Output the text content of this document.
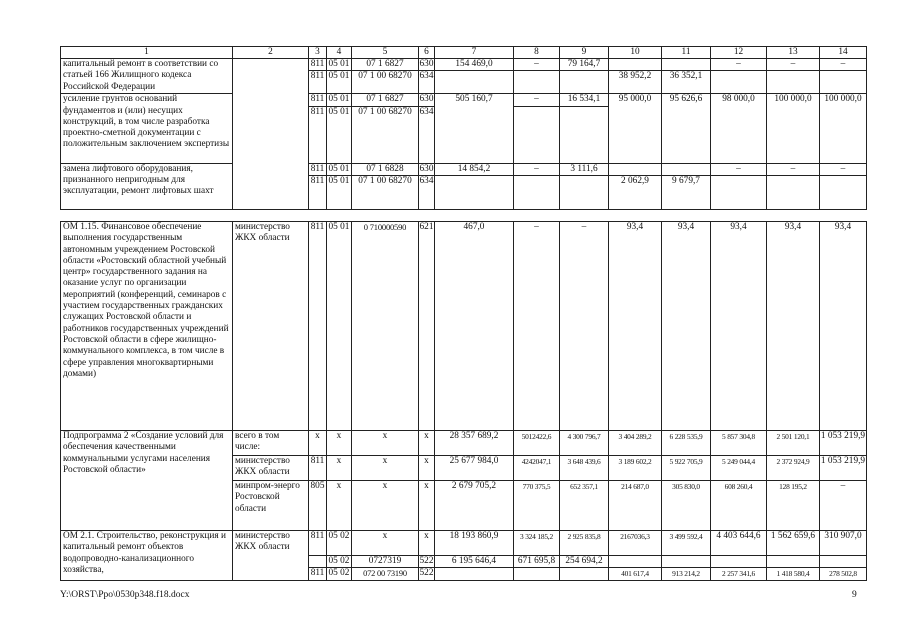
1	2	3	4	5	6	7	8	9	10	11	12	13	14
капитальный ремонт в соответствии со статьей 166 Жилищного кодекса Российской Федерации		811	05 01	07 1 6827	630	154 469,0	–	79 164,7			–	–	–
		811	05 01	07 1 00 68270	634				38 952,2	36 352,1			
усиление грунтов оснований фундаментов и (или) несущих конструкций, в том числе разработка проектно-сметной документации с положительным заключением экспертизы		811	05 01	07 1 6827	630	505 160,7	–	16 534,1	95 000,0	95 626,6	98 000,0	100 000,0	100 000,0
		811	05 01	07 1 00 68270	634								
замена лифтового оборудования, признанного непригодным для эксплуатации, ремонт лифтовых шахт		811	05 01	07 1 6828	630	14 854,2	–	3 111,6			–	–	–
		811	05 01	07 1 00 68270	634				2 062,9	9 679,7			
ОМ 1.15. Финансовое обеспечение выполнения государственным автономным учреждением Ростовской области «Ростовский областной учебный центр» государственного задания на оказание услуг по организации мероприятий (конференций, семинаров с участием государственных гражданских служащих Ростовской области и работников государственных учреждений Ростовской области в сфере жилищно-коммунального комплекса, в том числе в сфере управления многоквартирными домами)	министерство ЖКХ области	811	05 01	0 710000590	621	467,0	–	–	93,4	93,4	93,4	93,4	93,4
Подпрограмма 2 «Создание условий для обеспечения качественными коммунальными услугами населения Ростовской области»	всего в том числе:	х	х	х	х	28 357 689,2	5012422,6	4 300 796,7	3 404 289,2	6 228 535,9	5 857 304,8	2 501 120,1	1 053 219,9
	министерство ЖКХ области	811	х	х	х	25 677 984,0	4242047,1	3 648 439,6	3 189 602,2	5 922 705,9	5 249 044,4	2 372 924,9	1 053 219,9
	минпром-энерго Ростовской области	805	х	х	х	2 679 705,2	770 375,5	652 357,1	214 687,0	305 830,0	608 260,4	128 195,2	–
ОМ 2.1. Строительство, реконструкция и капитальный ремонт объектов водопроводно-канализационного хозяйства,	министерство ЖКХ области	811	05 02	х	х	18 193 860,9	3 324 185,2	2 925 835,8	2167036,3	3 499 592,4	4 403 644,6	1 562 659,6	310 907,0
			05 02	0727319	522	6 195 646,4	671 695,8	254 694,2					
		811	05 02	072 00 73190	522				401 617,4	913 214,2	2 257 341,6	1 418 580,4	278 502,8
Y:\ORST\Ppo\0530p348.f18.docx	9
